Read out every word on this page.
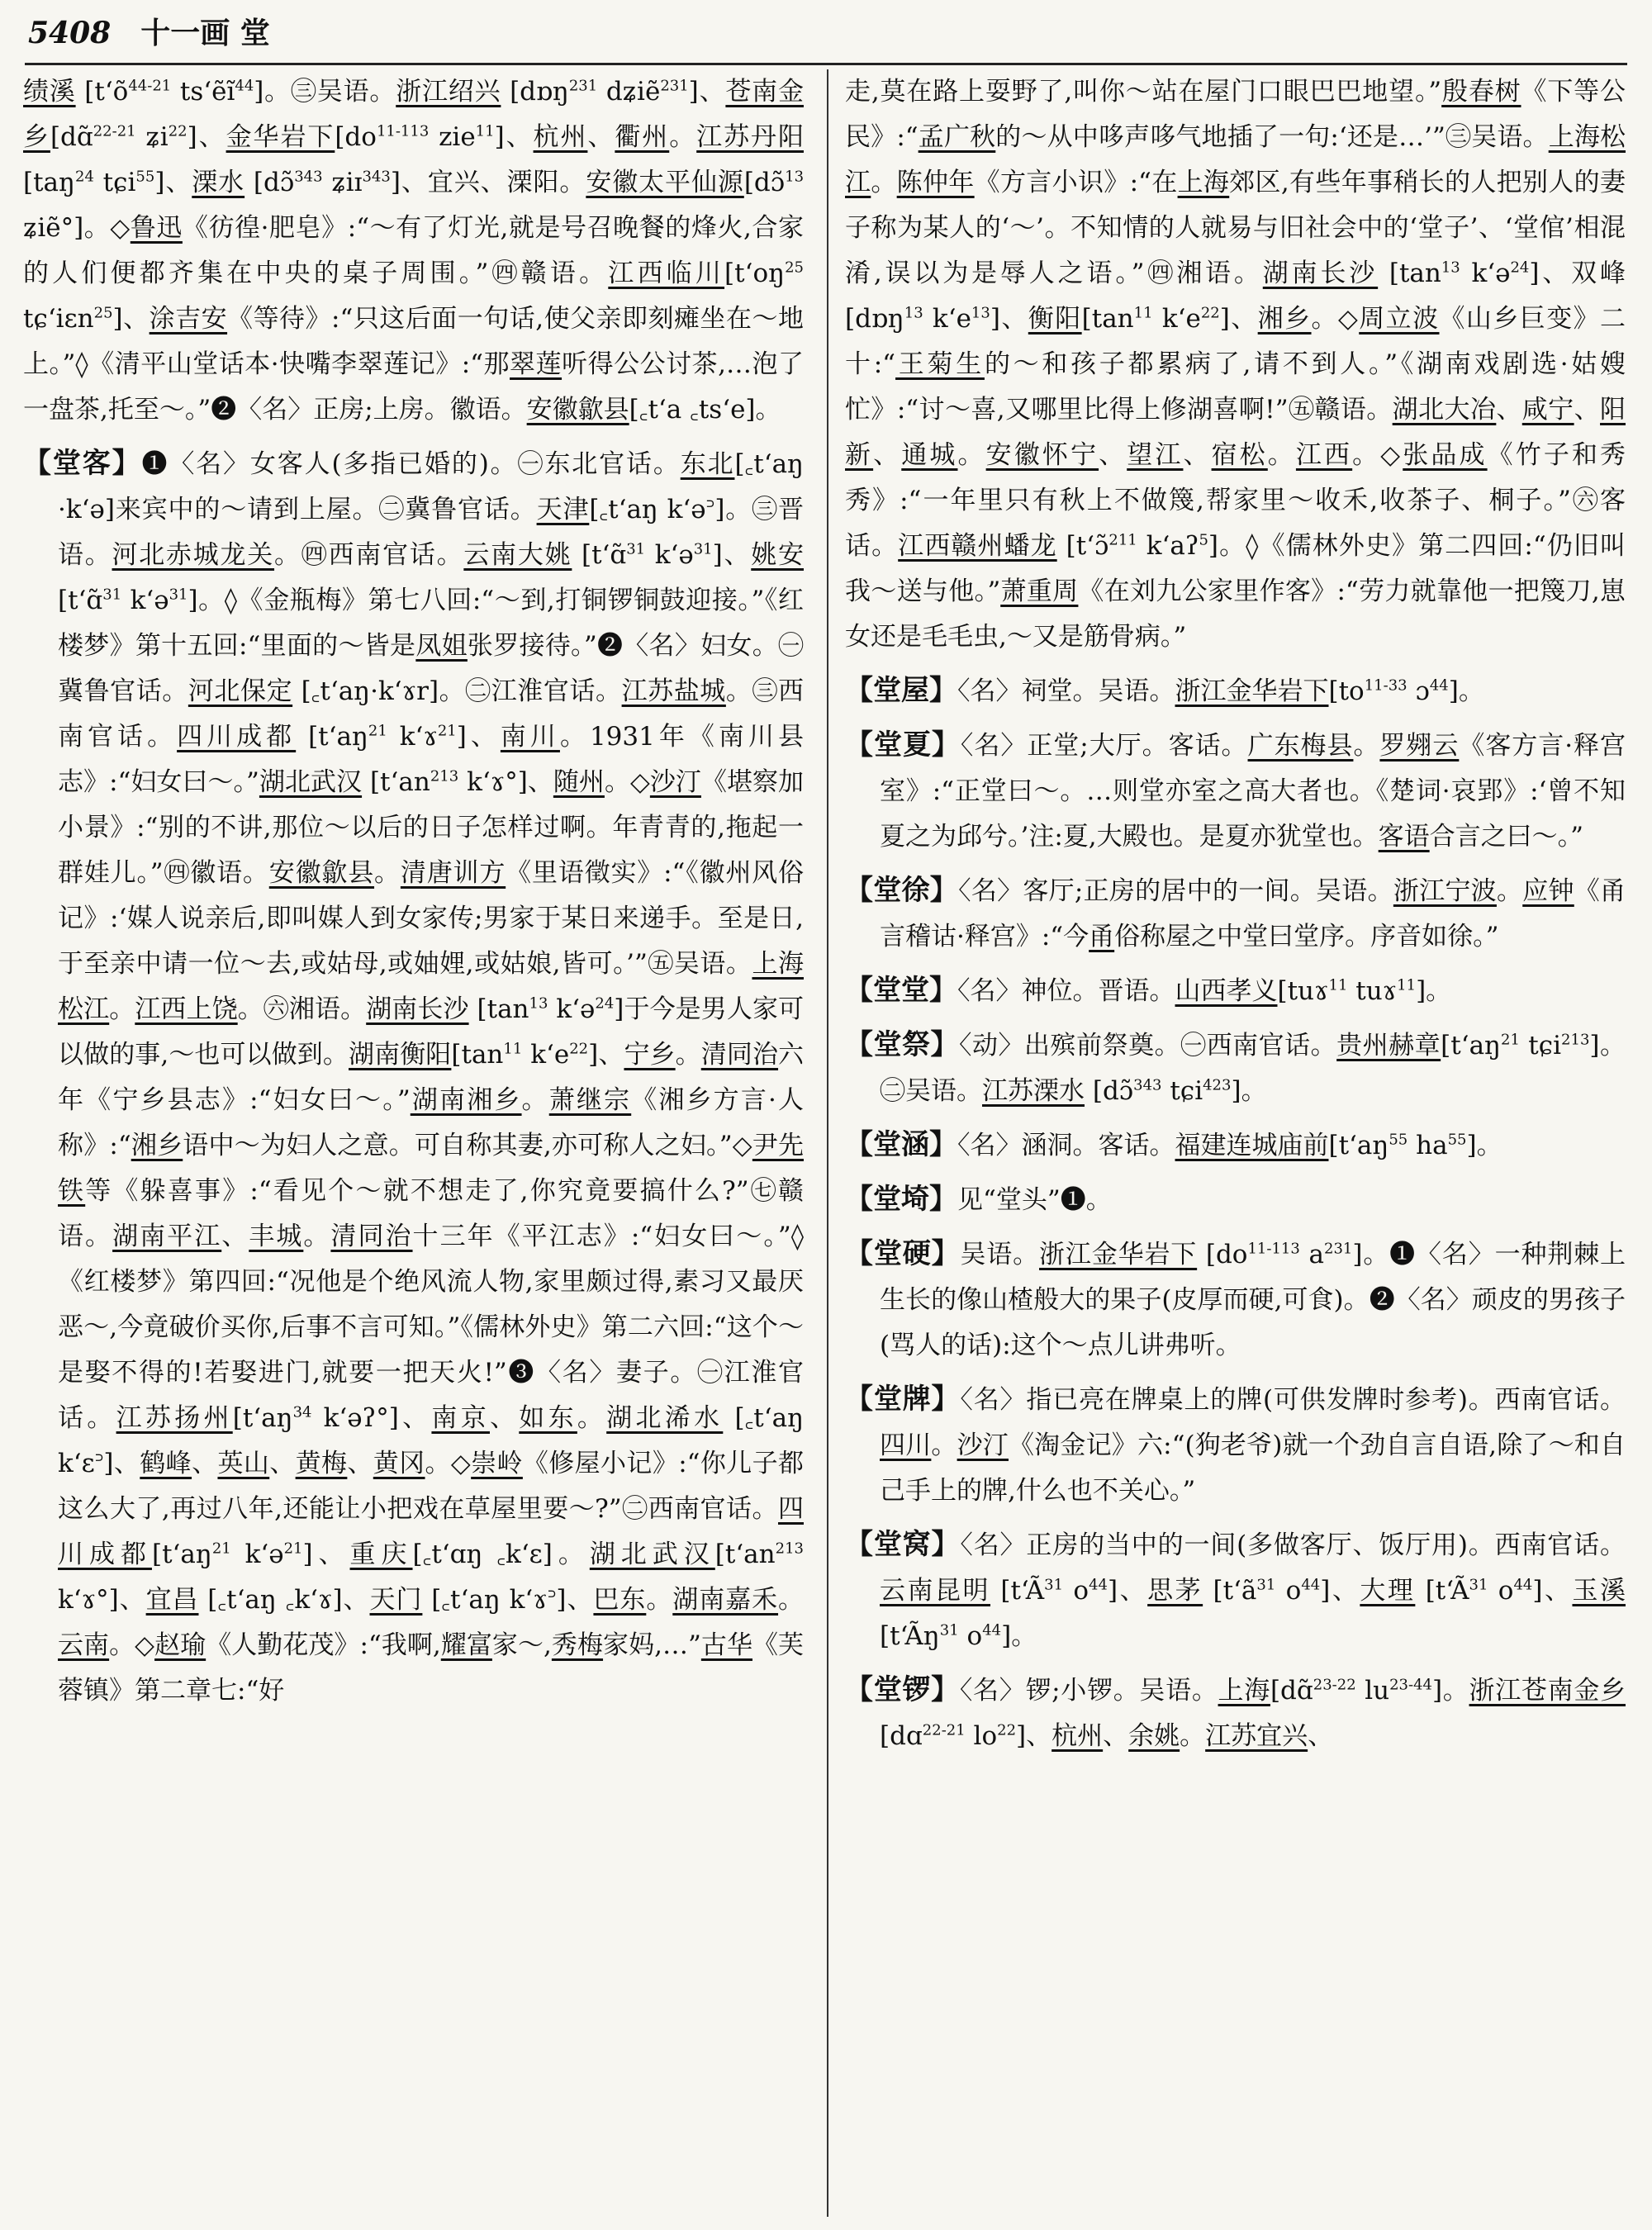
5408 十一画 堂

绩溪 [$t‘õ^{44-21}$ ts‘ẽĩ$^{44}$]。㊂吴语。浙江绍兴 [dɒŋ$^{231}$ dʑiẽ$^{231}$]、苍南金乡[dɑ̃$^{22-21}$ ʑi$^{22}$]、金华岩下[$do^{11-113}$ zie$^{11}$]、杭州、衢州。江苏丹阳 [taŋ$^{24}$ tɕi$^{55}$]、溧水 [dɔ̃$^{343}$ ʑiɪ$^{343}$]、宜兴、溧阳。安徽太平仙源[dɔ̃$^{13}$ ʑiẽ°]。◇鲁迅《彷徨·肥皂》:“～有了灯光,就是号召晚餐的烽火,合家的人们便都齐集在中央的桌子周围。”㊃赣语。江西临川[$t‘oŋ^{25}$ tɕ‘iɛn$^{25}$]、涂吉安《等待》:“只这后面一句话,使父亲即刻瘫坐在～地上。”◊《清平山堂话本·快嘴李翠莲记》:“那翠莲听得公公讨茶,…泡了一盘茶,托至～。”❷〈名〉正房;上房。徽语。安徽歙县[꜀t‘a ꜀ts‘e]。

【堂客】❶〈名〉女客人(多指已婚的)。㊀东北官话。东北[꜀t‘aŋ ·k‘ə]来宾中的～请到上屋。㊁冀鲁官话。天津[꜀t‘aŋ k‘ə꜄]。㊂晋语。河北赤城龙关。㊃西南官话。云南大姚 [t‘ɑ̃$^{31}$ k‘ə$^{31}$]、姚安 [t‘ɑ̃$^{31}$ k‘ə$^{31}$]。◊《金瓶梅》第七八回:“～到,打铜锣铜鼓迎接。”《红楼梦》第十五回:“里面的～皆是凤姐张罗接待。”❷〈名〉妇女。㊀冀鲁官话。河北保定 [꜀t‘aŋ·k‘ɤr]。㊁江淮官话。江苏盐城。㊂西南官话。四川成都 [$t‘aŋ^{21}$ k‘ɤ$^{21}$]、南川。1931年《南川县志》:“妇女曰～。”湖北武汉 [$t‘an^{213}$ k‘ɤ°]、随州。◇沙汀《堪察加小景》:“别的不讲,那位～以后的日子怎样过啊。年青青的,拖起一群娃儿。”㊃徽语。安徽歙县。清唐训方《里语徵实》:“《徽州风俗记》:‘媒人说亲后,即叫媒人到女家传;男家于某日来递手。至是日,于至亲中请一位～去,或姑母,或妯娌,或姑娘,皆可。’”㊄吴语。上海松江。江西上饶。㊅湘语。湖南长沙 [$\tan^{13}$ k‘ə$^{24}$]于今是男人家可以做的事,～也可以做到。湖南衡阳[$\tan^{11}$ $k‘e^{22}$]、宁乡。清同治六年《宁乡县志》:“妇女曰～。”湖南湘乡。萧继宗《湘乡方言·人称》:“湘乡语中～为妇人之意。可自称其妻,亦可称人之妇。”◇尹先铁等《躲喜事》:“看见个～就不想走了,你究竟要搞什么?”㊆赣语。湖南平江、丰城。清同治十三年《平江志》:“妇女曰～。”◊《红楼梦》第四回:“况他是个绝风流人物,家里颇过得,素习又最厌恶～,今竟破价买你,后事不言可知。”《儒林外史》第二六回:“这个～是娶不得的!若娶进门,就要一把天火!”❸〈名〉妻子。㊀江淮官话。江苏扬州[$t‘aŋ^{34}$ k‘əʔ°]、南京、如东。湖北浠水 [꜀t‘aŋ k‘ɛ꜄]、鹤峰、英山、黄梅、黄冈。◇崇岭《修屋小记》:“你儿子都这么大了,再过八年,还能让小把戏在草屋里要～?”㊁西南官话。四川成都[$t‘aŋ^{21}$ k‘ə$^{21}$]、重庆[꜀t‘ɑŋ ꜀k‘ɛ]。湖北武汉[$t‘an^{213}$ k‘ɤ°]、宜昌 [꜀t‘aŋ ꜀k‘ɤ]、天门 [꜀t‘aŋ k‘ɤ꜄]、巴东。湖南嘉禾。云南。◇赵瑜《人勤花茂》:“我啊,耀富家～,秀梅家妈,…”古华《芙蓉镇》第二章七:“好

走,莫在路上耍野了,叫你～站在屋门口眼巴巴地望。”殷春树《下等公民》:“孟广秋的～从中哆声哆气地插了一句:‘还是…’”㊂吴语。上海松江。陈仲年《方言小识》:“在上海郊区,有些年事稍长的人把别人的妻子称为某人的‘～’。不知情的人就易与旧社会中的‘堂子’、‘堂倌’相混淆,误以为是辱人之语。”㊃湘语。湖南长沙 [$\tan^{13}$ k‘ə$^{24}$]、双峰 [dɒŋ$^{13}$ $k‘e^{13}$]、衡阳[$\tan^{11}$ $k‘e^{22}$]、湘乡。◇周立波《山乡巨变》二十:“王菊生的～和孩子都累病了,请不到人。”《湖南戏剧选·姑嫂忙》:“讨～喜,又哪里比得上修湖喜啊!”㊄赣语。湖北大冶、咸宁、阳新、通城。安徽怀宁、望江、宿松。江西。◇张品成《竹子和秀秀》:“一年里只有秋上不做篾,帮家里～收禾,收茶子、桐子。”㊅客话。江西赣州蟠龙 [t‘ɔ̃$^{211}$ k‘aʔ$^5$]。◊《儒林外史》第二四回:“仍旧叫我～送与他。”萧重周《在刘九公家里作客》:“劳力就靠他一把篾刀,崽女还是毛毛虫,～又是筋骨病。”

【堂屋】〈名〉祠堂。吴语。浙江金华岩下[$to^{11-33}$ ɔ$^{44}$]。

【堂夏】〈名〉正堂;大厅。客话。广东梅县。罗翙云《客方言·释宫室》:“正堂曰～。…则堂亦室之高大者也。《楚词·哀郢》:‘曾不知夏之为邱兮。’注:夏,大殿也。是夏亦犹堂也。客语合言之曰～。”

【堂徐】〈名〉客厅;正房的居中的一间。吴语。浙江宁波。应钟《甬言稽诂·释宫》:“今甬俗称屋之中堂曰堂序。序音如徐。”

【堂堂】〈名〉神位。晋语。山西孝义[tuɤ$^{11}$ tuɤ$^{11}$]。

【堂祭】〈动〉出殡前祭奠。㊀西南官话。贵州赫章[$t‘aŋ^{21}$ tɕi$^{213}$]。㊁吴语。江苏溧水 [dɔ̃$^{343}$ tɕi$^{423}$]。

【堂涵】〈名〉涵洞。客话。福建连城庙前[$t‘aŋ^{55}$ $ha^{55}$]。

【堂埼】见“堂头”❶。

【堂硬】吴语。浙江金华岩下 [$do^{11-113}$ $a^{231}$]。❶〈名〉一种荆棘上生长的像山楂般大的果子(皮厚而硬,可食)。❷〈名〉顽皮的男孩子(骂人的话):这个～点儿讲弗听。

【堂牌】〈名〉指已亮在牌桌上的牌(可供发牌时参考)。西南官话。四川。沙汀《淘金记》六:“(狗老爷)就一个劲自言自语,除了～和自己手上的牌,什么也不关心。”

【堂窝】〈名〉正房的当中的一间(多做客厅、饭厅用)。西南官话。云南昆明 [$t‘Ã^{31}$ $o^{44}$]、思茅 [$t‘ã^{31}$ $o^{44}$]、大理 [$t‘Ã^{31}$ $o^{44}$]、玉溪 [$t‘Ãŋ^{31}$ $o^{44}$]。

【堂锣】〈名〉锣;小锣。吴语。上海[dɑ̃$^{23-22}$ $lu^{23-44}$]。浙江苍南金乡[dɑ$^{22-21}$ $lo^{22}$]、杭州、余姚。江苏宜兴、
